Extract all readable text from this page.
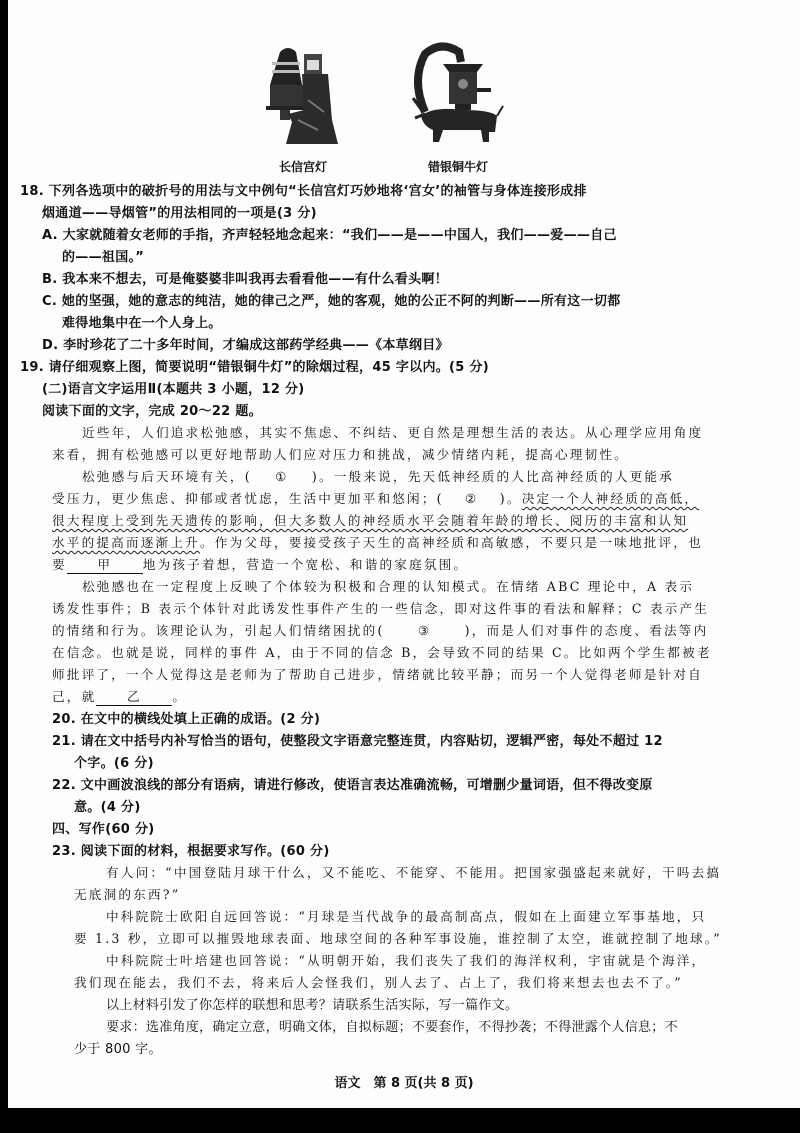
长信宫灯	错银铜牛灯
18. 下列各选项中的破折号的用法与文中例句“长信宫灯巧妙地将‘宫女’的袖管与身体连接形成排
烟通道——导烟管”的用法相同的一项是(3 分)
A. 大家就随着女老师的手指，齐声轻轻地念起来：“我们——是——中国人，我们——爱——自己
的——祖国。”
B. 我本来不想去，可是俺婆婆非叫我再去看看他——有什么看头啊！
C. 她的坚强，她的意志的纯洁，她的律己之严，她的客观，她的公正不阿的判断——所有这一切都
难得地集中在一个人身上。
D. 李时珍花了二十多年时间，才编成这部药学经典——《本草纲目》
19. 请仔细观察上图，简要说明“错银铜牛灯”的除烟过程，45 字以内。(5 分)
(二)语言文字运用Ⅱ(本题共 3 小题，12 分)
阅读下面的文字，完成 20～22 题。
近些年，人们追求松弛感，其实不焦虑、不纠结、更自然是理想生活的表达。从心理学应用角度
来看，拥有松弛感可以更好地帮助人们应对压力和挑战，减少情绪内耗，提高心理韧性。
松弛感与后天环境有关，( ① )。一般来说，先天低神经质的人比高神经质的人更能承
受压力，更少焦虑、抑郁或者忧虑，生活中更加平和悠闲；( ② )。决定一个人神经质的高低，
很大程度上受到先天遗传的影响，但大多数人的神经质水平会随着年龄的增长、阅历的丰富和认知
水平的提高而逐渐上升。作为父母，要接受孩子天生的高神经质和高敏感，不要只是一味地批评，也
要 甲 地为孩子着想，营造一个宽松、和谐的家庭氛围。
松弛感也在一定程度上反映了个体较为积极和合理的认知模式。在情绪 ABC 理论中，A 表示
诱发性事件；B 表示个体针对此诱发性事件产生的一些信念，即对这件事的看法和解释；C 表示产生
的情绪和行为。该理论认为，引起人们情绪困扰的(	③	)，而是人们对事件的态度、看法等内
在信念。也就是说，同样的事件 A，由于不同的信念 B，会导致不同的结果 C。比如两个学生都被老
师批评了，一个人觉得这是老师为了帮助自己进步，情绪就比较平静；而另一个人觉得老师是针对自
己，就 乙 。
20. 在文中的横线处填上正确的成语。(2 分)
21. 请在文中括号内补写恰当的语句，使整段文字语意完整连贯，内容贴切，逻辑严密，每处不超过 12
个字。(6 分)
22. 文中画波浪线的部分有语病，请进行修改，使语言表达准确流畅，可增删少量词语，但不得改变原
意。(4 分)
四、写作(60 分)
23. 阅读下面的材料，根据要求写作。(60 分)
有人问：“中国登陆月球干什么，又不能吃、不能穿、不能用。把国家强盛起来就好，干吗去搞
无底洞的东西?”
中科院院士欧阳自远回答说：“月球是当代战争的最高制高点，假如在上面建立军事基地，只
要 1.3 秒，立即可以摧毁地球表面、地球空间的各种军事设施，谁控制了太空，谁就控制了地球。”
中科院院士叶培建也回答说：“从明朝开始，我们丧失了我们的海洋权利，宇宙就是个海洋，
我们现在能去，我们不去，将来后人会怪我们，别人去了、占上了，我们将来想去也去不了。”
以上材料引发了你怎样的联想和思考？请联系生活实际，写一篇作文。
要求：选准角度，确定立意，明确文体，自拟标题；不要套作，不得抄袭；不得泄露个人信息；不
少于 800 字。
语文　第 8 页(共 8 页)
